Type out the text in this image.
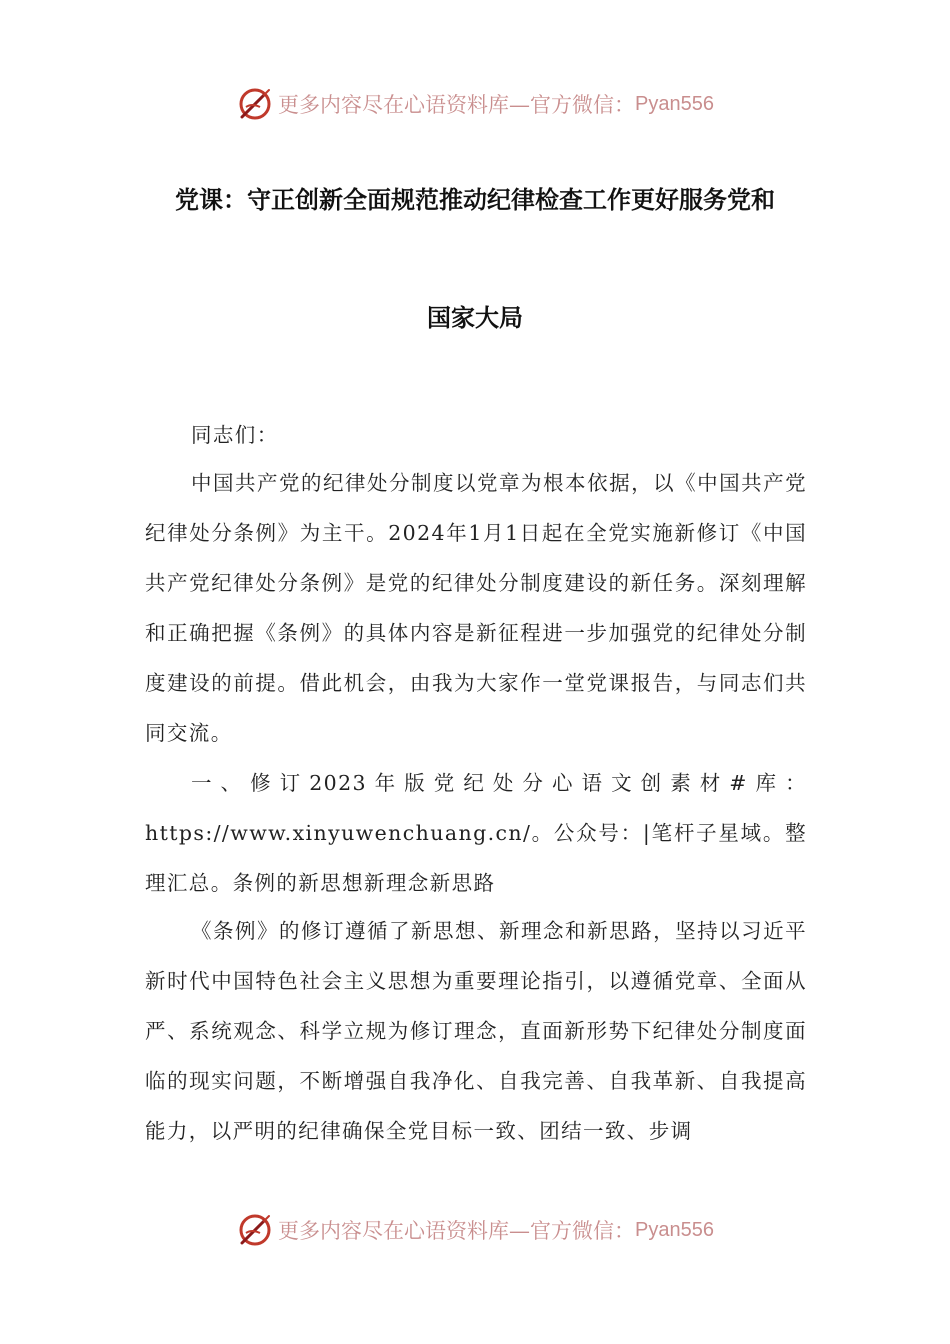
更多内容尽在心语资料库—官方微信： Pyan556
党课：守正创新全面规范推动纪律检查工作更好服务党和
国家大局
同志们：
中国共产党的纪律处分制度以党章为根本依据，以《中国共产党纪律处分条例》为主干。2024年1月1日起在全党实施新修订《中国共产党纪律处分条例》是党的纪律处分制度建设的新任务。深刻理解和正确把握《条例》的具体内容是新征程进一步加强党的纪律处分制度建设的前提。借此机会，由我为大家作一堂党课报告，与同志们共同交流。
一、修订2023年版党纪处分心语文创素材#库：https://www.xinyuwenchuang.cn/。公众号：|笔杆子星域。整理汇总。条例的新思想新理念新思路
《条例》的修订遵循了新思想、新理念和新思路，坚持以习近平新时代中国特色社会主义思想为重要理论指引，以遵循党章、全面从严、系统观念、科学立规为修订理念，直面新形势下纪律处分制度面临的现实问题，不断增强自我净化、自我完善、自我革新、自我提高能力，以严明的纪律确保全党目标一致、团结一致、步调
更多内容尽在心语资料库—官方微信： Pyan556
